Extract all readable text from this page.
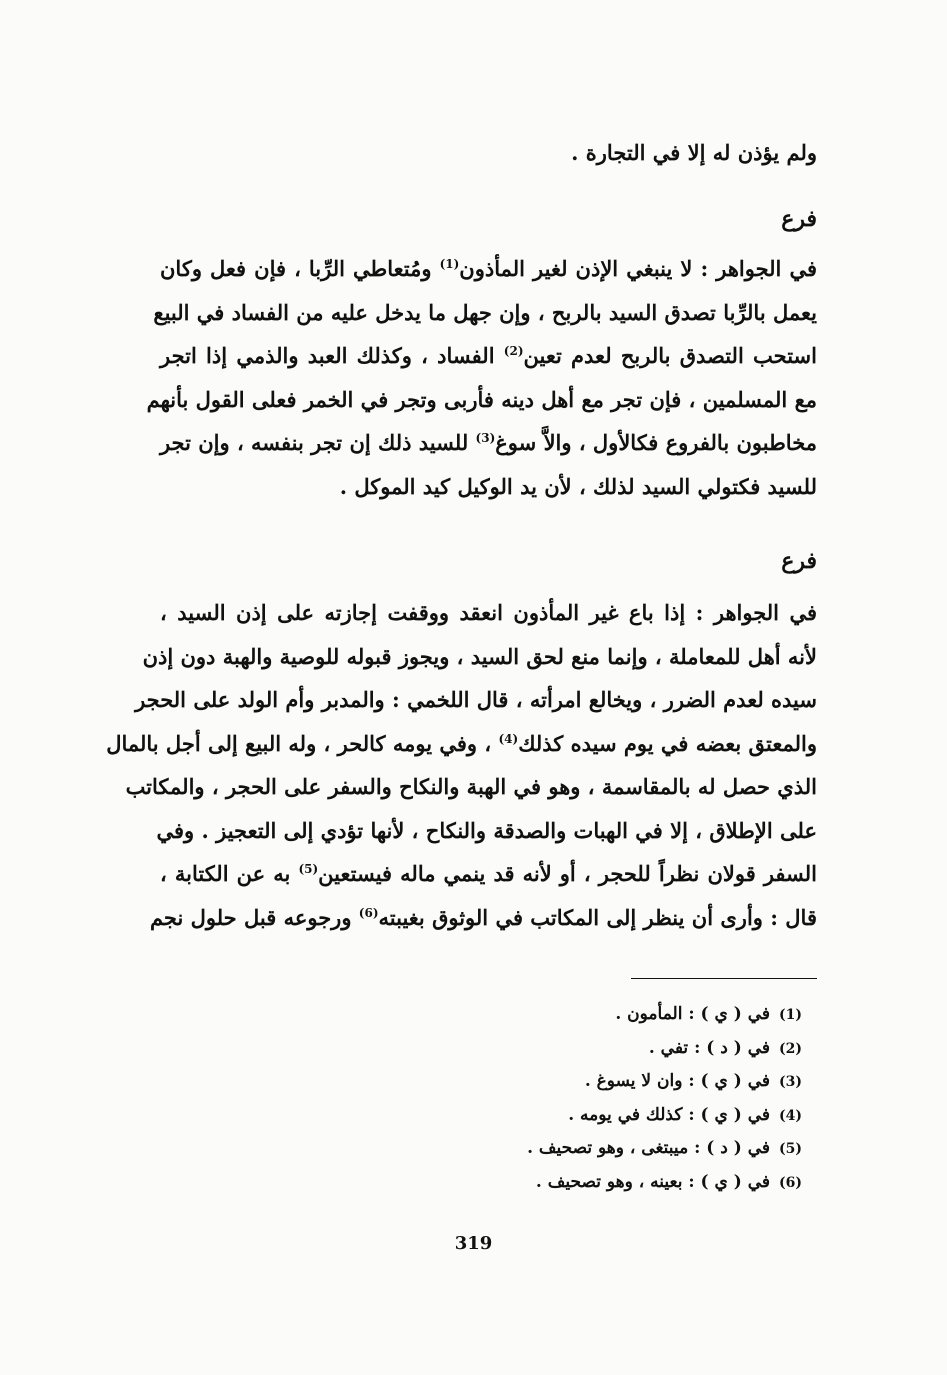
ولم يؤذن له إلا في التجارة .
فرع
في الجواهر : لا ينبغي الإذن لغير المأذون$^{(1)}$ ومُتعاطي الرِّبا ، فإن فعل وكان
يعمل بالرِّبا تصدق السيد بالربح ، وإن جهل ما يدخل عليه من الفساد في البيع
استحب التصدق بالربح لعدم تعين$^{(2)}$ الفساد ، وكذلك العبد والذمي إذا اتجر
مع المسلمين ، فإن تجر مع أهل دينه فأربى وتجر في الخمر فعلى القول بأنهم
مخاطبون بالفروع فكالأول ، والاَّ سوغ$^{(3)}$ للسيد ذلك إن تجر بنفسه ، وإن تجر
للسيد فكتولي السيد لذلك ، لأن يد الوكيل كيد الموكل .
فرع
في الجواهر : إذا باع غير المأذون انعقد ووقفت إجازته على إذن السيد ،
لأنه أهل للمعاملة ، وإنما منع لحق السيد ، ويجوز قبوله للوصية والهبة دون إذن
سيده لعدم الضرر ، ويخالع امرأته ، قال اللخمي : والمدبر وأم الولد على الحجر
والمعتق بعضه في يوم سيده كذلك$^{(4)}$ ، وفي يومه كالحر ، وله البيع إلى أجل بالمال
الذي حصل له بالمقاسمة ، وهو في الهبة والنكاح والسفر على الحجر ، والمكاتب
على الإطلاق ، إلا في الهبات والصدقة والنكاح ، لأنها تؤدي إلى التعجيز . وفي
السفر قولان نظراً للحجر ، أو لأنه قد ينمي ماله فيستعين$^{(5)}$ به عن الكتابة ،
قال : وأرى أن ينظر إلى المكاتب في الوثوق بغيبته$^{(6)}$ ورجوعه قبل حلول نجم
(1)في ( ي ) : المأمون .
(2)في ( د ) : تفي .
(3)في ( ي ) : وان لا يسوغ .
(4)في ( ي ) : كذلك في يومه .
(5)في ( د ) : ميبتغى ، وهو تصحيف .
(6)في ( ي ) : بعينه ، وهو تصحيف .
319
